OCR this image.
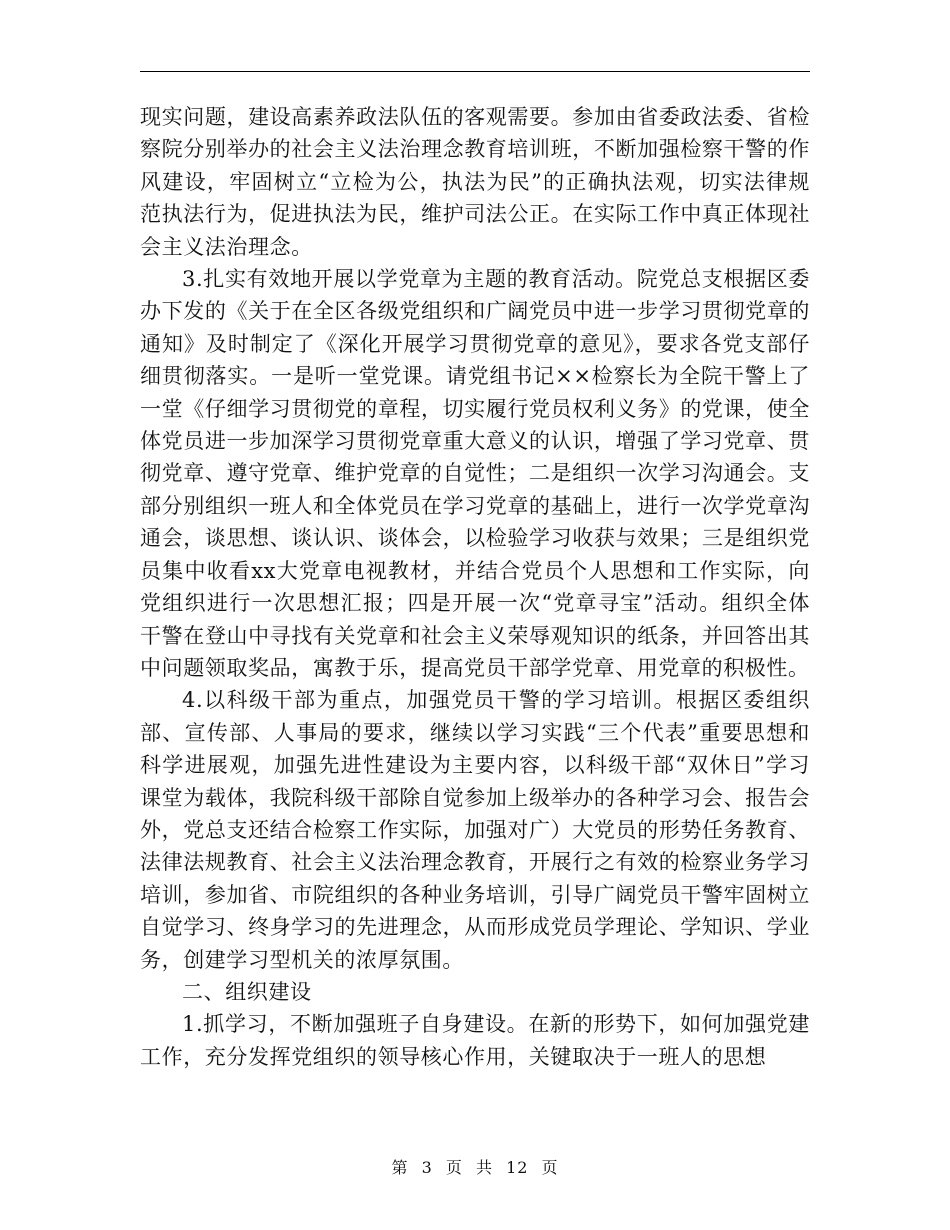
现实问题，建设高素养政法队伍的客观需要。参加由省委政法委、省检察院分别举办的社会主义法治理念教育培训班，不断加强检察干警的作风建设，牢固树立“立检为公，执法为民”的正确执法观，切实法律规范执法行为，促进执法为民，维护司法公正。在实际工作中真正体现社会主义法治理念。

3.扎实有效地开展以学党章为主题的教育活动。院党总支根据区委办下发的《关于在全区各级党组织和广阔党员中进一步学习贯彻党章的通知》及时制定了《深化开展学习贯彻党章的意见》，要求各党支部仔细贯彻落实。一是听一堂党课。请党组书记××检察长为全院干警上了一堂《仔细学习贯彻党的章程，切实履行党员权利义务》的党课，使全体党员进一步加深学习贯彻党章重大意义的认识，增强了学习党章、贯彻党章、遵守党章、维护党章的自觉性；二是组织一次学习沟通会。支部分别组织一班人和全体党员在学习党章的基础上，进行一次学党章沟通会，谈思想、谈认识、谈体会，以检验学习收获与效果；三是组织党员集中收看xx大党章电视教材，并结合党员个人思想和工作实际，向党组织进行一次思想汇报；四是开展一次“党章寻宝”活动。组织全体干警在登山中寻找有关党章和社会主义荣辱观知识的纸条，并回答出其中问题领取奖品，寓教于乐，提高党员干部学党章、用党章的积极性。

4.以科级干部为重点，加强党员干警的学习培训。根据区委组织部、宣传部、人事局的要求，继续以学习实践“三个代表”重要思想和科学进展观，加强先进性建设为主要内容，以科级干部“双休日”学习课堂为载体，我院科级干部除自觉参加上级举办的各种学习会、报告会外，党总支还结合检察工作实际，加强对广）大党员的形势任务教育、法律法规教育、社会主义法治理念教育，开展行之有效的检察业务学习培训，参加省、市院组织的各种业务培训，引导广阔党员干警牢固树立自觉学习、终身学习的先进理念，从而形成党员学理论、学知识、学业务，创建学习型机关的浓厚氛围。

二、组织建设

1.抓学习，不断加强班子自身建设。在新的形势下，如何加强党建工作，充分发挥党组织的领导核心作用，关键取决于一班人的思想

第 3 页 共 12 页
